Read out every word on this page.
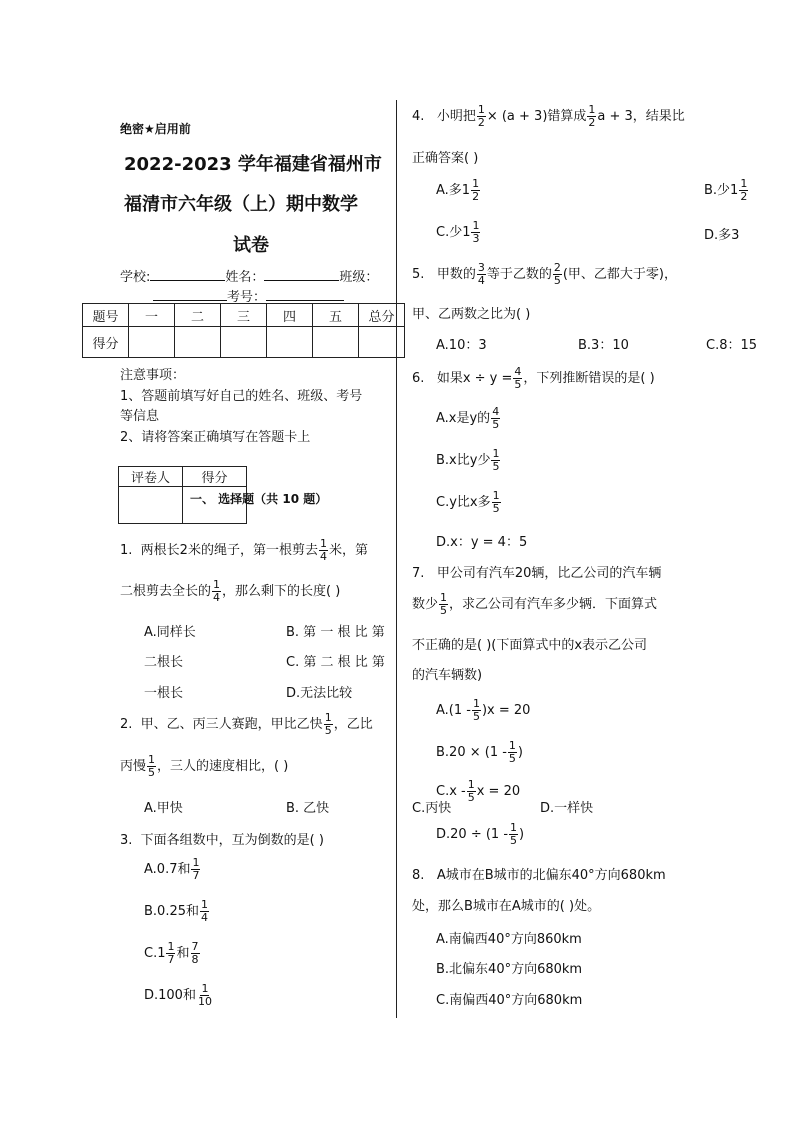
绝密★启用前
2022-2023 学年福建省福州市
福清市六年级（上）期中数学
试卷
学校:	姓名：	班级：
考号：
题号	一	二	三	四	五	总分
得分						
注意事项：
1、答题前填写好自己的姓名、班级、考号
等信息
2、请将答案正确填写在答题卡上
评卷人	得分

一、 选择题（共 10 题）
1. 两根长2米的绳子，第一根剪去 $\frac{1}{4}$ 米，第
二根剪去全长的 $\frac{1}{4}$ ，那么剩下的长度( )
A.同样长	B. 第 一 根 比 第
二根长	C. 第 二 根 比 第
一根长	D.无法比较
2. 甲、乙、丙三人赛跑，甲比乙快 $\frac{1}{5}$ ，乙比
丙慢 $\frac{1}{5}$ ，三人的速度相比，( )
A.甲快	B. 乙快	C.丙快	D.一样快
3. 下面各组数中，互为倒数的是( )
A.0.7和 $\frac{1}{7}$
B.0.25和 $\frac{1}{4}$
$C.1 \frac{1}{7}$ 和 $\frac{7}{8}$
D.100和 $\frac{1}{10}$
4. 小明把 $\frac{1}{2} \times (a + 3)$错算成 $\frac{1}{2}$ a + 3，结果比
正确答案( )
A.多$1 \frac{1}{2}$	B.少$1 \frac{1}{2}$
C.少$1 \frac{1}{3}$	D.多3
5. 甲数的 $\frac{3}{4}$ 等于乙数的 $\frac{2}{5}$ (甲、乙都大于零)，
甲、乙两数之比为( )
A.10：3	B.3：10	C.8：15
6. 如果$x \div y = \frac{4}{5}$ ，下列推断错误的是( )
A.x是y的 $\frac{4}{5}$
B.x比y少 $\frac{1}{5}$
C.y比x多 $\frac{1}{5}$
D.x：y = 4：5
7. 甲公司有汽车20辆，比乙公司的汽车辆
数少 $\frac{1}{5}$ ，求乙公司有汽车多少辆．下面算式
不正确的是( )(下面算式中的x表示乙公司
的汽车辆数)
$A.(1 - \frac{1}{5} )x = 20$
$B.20 \times (1 - \frac{1}{5}$ )
$C.x - \frac{1}{5}$ x = 20
$D.20 \div (1 - \frac{1}{5}$ )
8. A城市在B城市的北偏东40°方向680km
处，那么B城市在A城市的( )处。
A.南偏西40°方向860km
B.北偏东40°方向680km
C.南偏西40°方向680km
